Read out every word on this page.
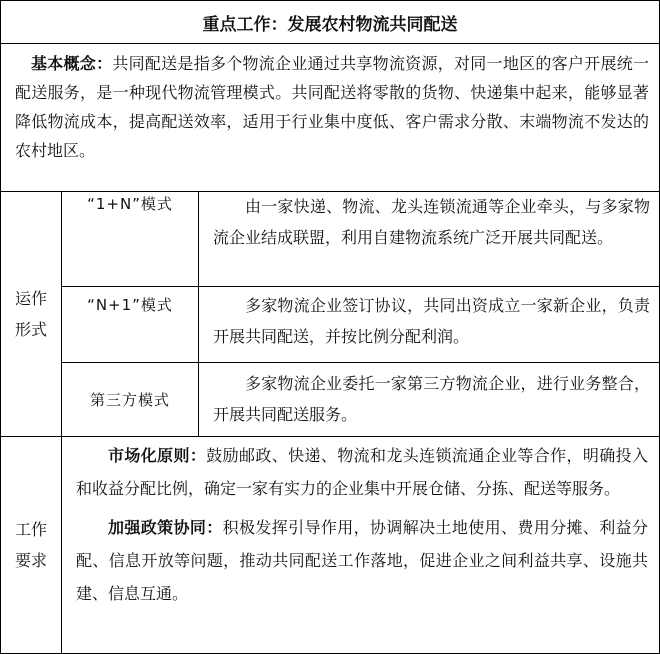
重点工作：发展农村物流共同配送
基本概念：共同配送是指多个物流企业通过共享物流资源，对同一地区的客户开展统一配送服务，是一种现代物流管理模式。共同配送将零散的货物、快递集中起来，能够显著降低物流成本，提高配送效率，适用于行业集中度低、客户需求分散、末端物流不发达的农村地区。
运作
形式
“1+N”模式	由一家快递、物流、龙头连锁流通等企业牵头，与多家物流企业结成联盟，利用自建物流系统广泛开展共同配送。
“N+1”模式	多家物流企业签订协议，共同出资成立一家新企业，负责开展共同配送，并按比例分配利润。
第三方模式
多家物流企业委托一家第三方物流企业，进行业务整合，开展共同配送服务。
工作
要求

市场化原则：鼓励邮政、快递、物流和龙头连锁流通企业等合作，明确投入和收益分配比例，确定一家有实力的企业集中开展仓储、分拣、配送等服务。

加强政策协同：积极发挥引导作用，协调解决土地使用、费用分摊、利益分配、信息开放等问题，推动共同配送工作落地，促进企业之间利益共享、设施共建、信息互通。
